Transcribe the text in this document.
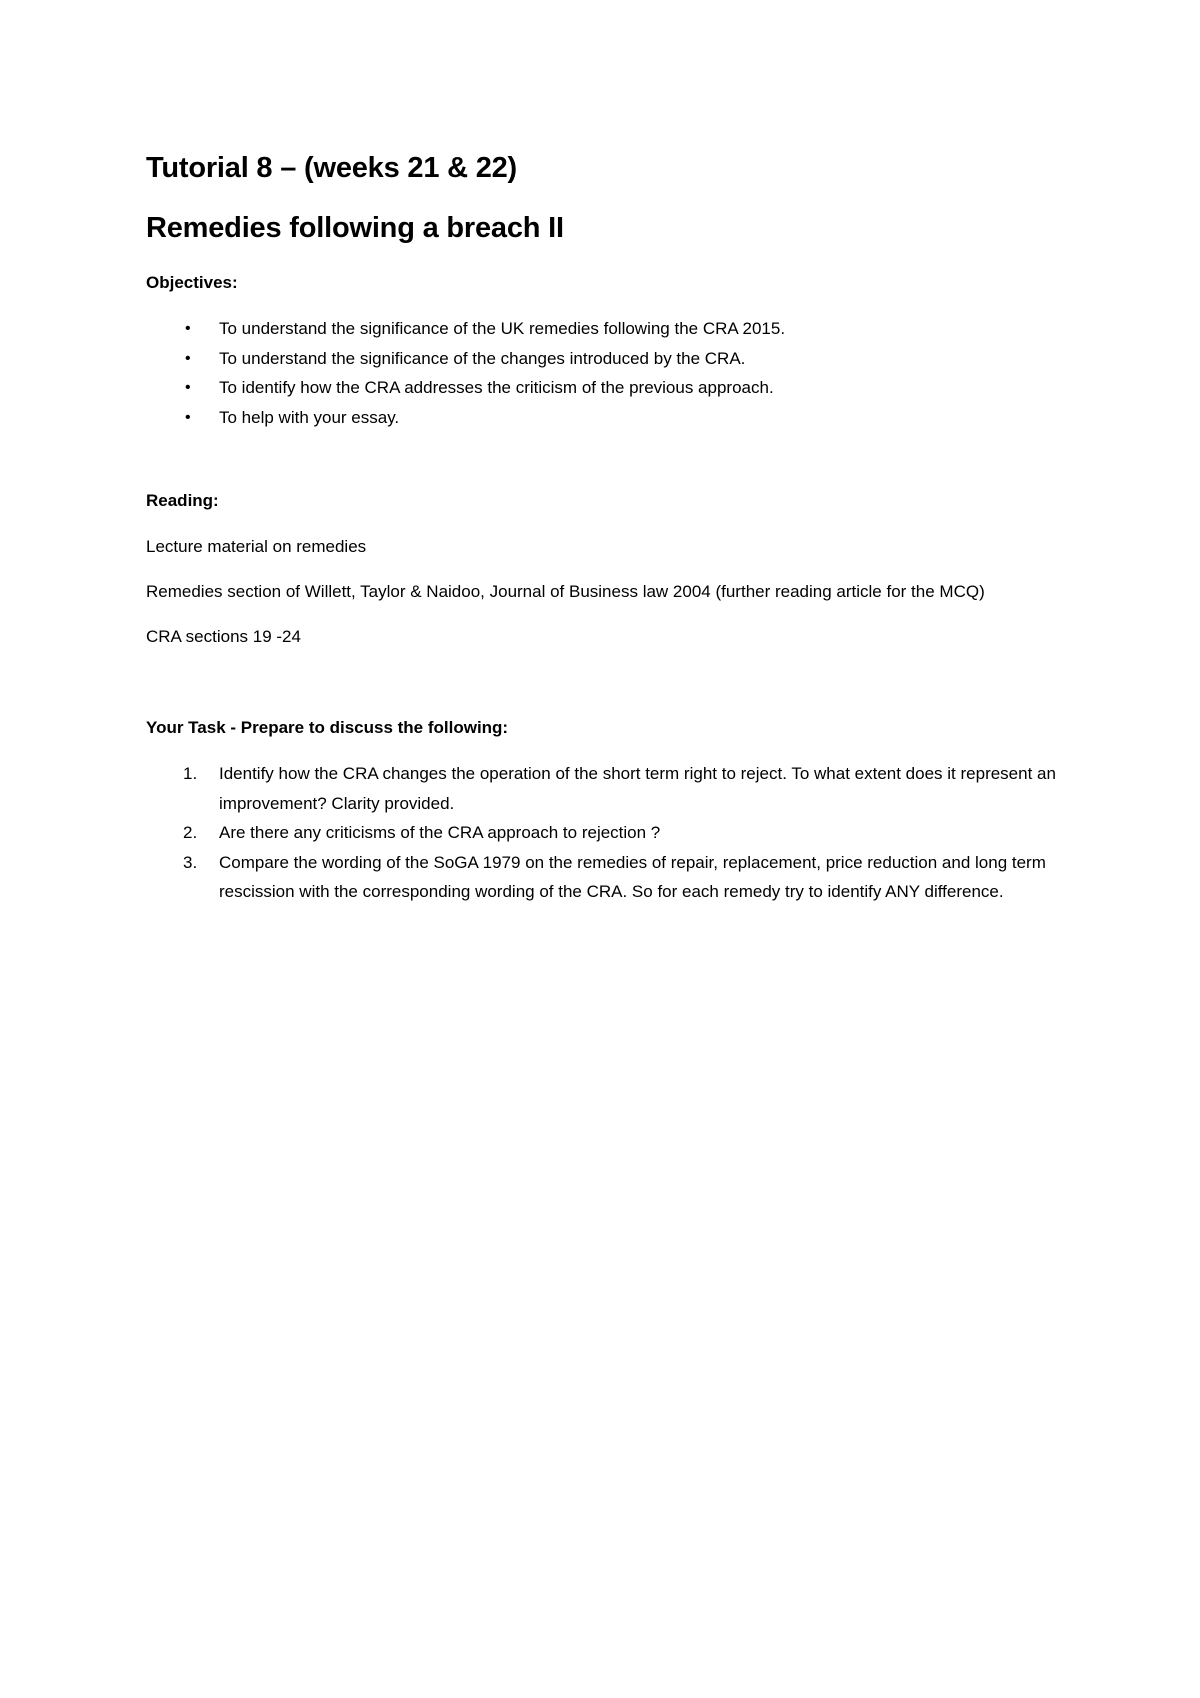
Tutorial 8 – (weeks 21 & 22)
Remedies following a breach II
Objectives:
• To understand the significance of the UK remedies following the CRA 2015.
• To understand the significance of the changes introduced by the CRA.
• To identify how the CRA addresses the criticism of the previous approach.
• To help with your essay.
Reading:

Lecture material on remedies

Remedies section of Willett, Taylor & Naidoo, Journal of Business law 2004 (further reading article for the MCQ)

CRA sections 19 -24

Your Task - Prepare to discuss the following:
1. Identify how the CRA changes the operation of the short term right to reject. To what extent does it represent an improvement? Clarity provided.
2. Are there any criticisms of the CRA approach to rejection ?
3. Compare the wording of the SoGA 1979 on the remedies of repair, replacement, price reduction and long term rescission with the corresponding wording of the CRA. So for each remedy try to identify ANY difference.
